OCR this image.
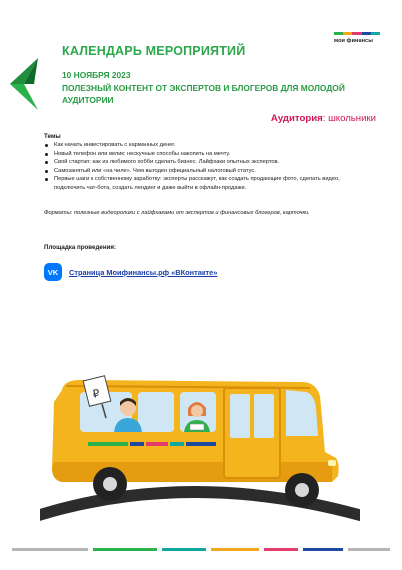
мои финансы
КАЛЕНДАРЬ МЕРОПРИЯТИЙ
10 НОЯБРЯ 2023
ПОЛЕЗНЫЙ КОНТЕНТ ОТ ЭКСПЕРТОВ И БЛОГЕРОВ ДЛЯ МОЛОДОЙ АУДИТОРИИ
Аудитория: школьники
Темы
Как начать инвестировать с карманных денег.
Новый телефон или велик: нескучные способы накопить на мечту.
Свой стартап: как из любимого хобби сделать бизнес. Лайфхаки опытных экспертов.
Самозанятый или «на чиле». Чем выгоден официальный налоговый статус.
Первые шаги к собственному заработку: эксперты расскажут, как создать продающие фото, сделать видео, подключить чат-бота, создать лендинг и даже выйти в офлайн-продажи.
Форматы: полезные видеоролики с лайфхаками от экспертов и финансовых блогеров, карточки.
Площадка проведения:
VK	Страница Моифинансы.рф «ВКонтакте»
₽
